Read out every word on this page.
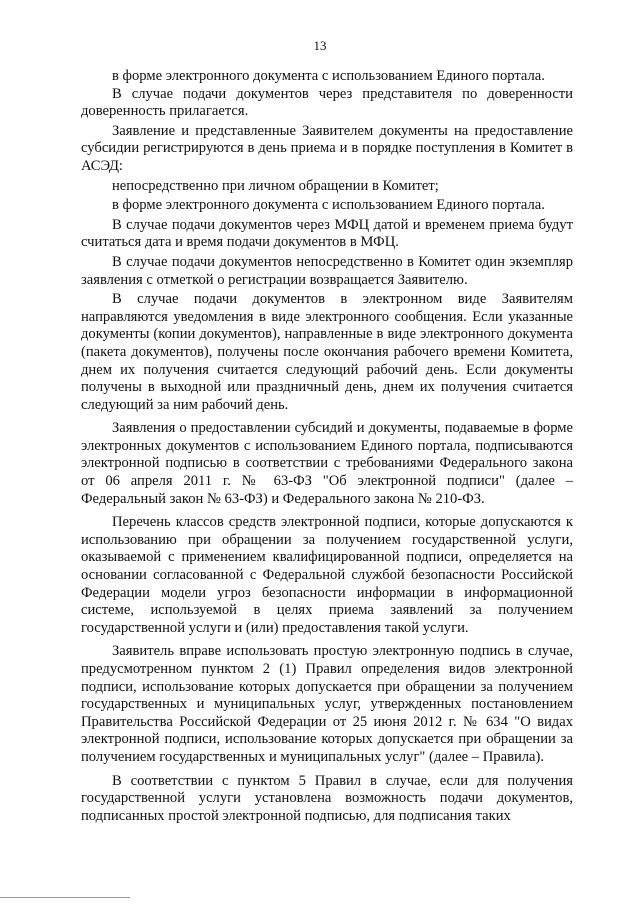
13

в форме электронного документа с использованием Единого портала.

В случае подачи документов через представителя по доверенности доверенность прилагается.

Заявление и представленные Заявителем документы на предоставление субсидии регистрируются в день приема и в порядке поступления в Комитет в АСЭД:

непосредственно при личном обращении в Комитет;

в форме электронного документа с использованием Единого портала.

В случае подачи документов через МФЦ датой и временем приема будут считаться дата и время подачи документов в МФЦ.

В случае подачи документов непосредственно в Комитет один экземпляр заявления с отметкой о регистрации возвращается Заявителю.

В случае подачи документов в электронном виде Заявителям направляются уведомления в виде электронного сообщения. Если указанные документы (копии документов), направленные в виде электронного документа (пакета документов), получены после окончания рабочего времени Комитета, днем их получения считается следующий рабочий день. Если документы получены в выходной или праздничный день, днем их получения считается следующий за ним рабочий день.

Заявления о предоставлении субсидий и документы, подаваемые в форме электронных документов с использованием Единого портала, подписываются электронной подписью в соответствии с требованиями Федерального закона от 06 апреля 2011 г. № 63-ФЗ "Об электронной подписи" (далее – Федеральный закон № 63-ФЗ) и Федерального закона № 210-ФЗ.

Перечень классов средств электронной подписи, которые допускаются к использованию при обращении за получением государственной услуги, оказываемой с применением квалифицированной подписи, определяется на основании согласованной с Федеральной службой безопасности Российской Федерации модели угроз безопасности информации в информационной системе, используемой в целях приема заявлений за получением государственной услуги и (или) предоставления такой услуги.

Заявитель вправе использовать простую электронную подпись в случае, предусмотренном пунктом 2 (1) Правил определения видов электронной подписи, использование которых допускается при обращении за получением государственных и муниципальных услуг, утвержденных постановлением Правительства Российской Федерации от 25 июня 2012 г. № 634 "О видах электронной подписи, использование которых допускается при обращении за получением государственных и муниципальных услуг" (далее – Правила).

В соответствии с пунктом 5 Правил в случае, если для получения государственной услуги установлена возможность подачи документов, подписанных простой электронной подписью, для подписания таких
